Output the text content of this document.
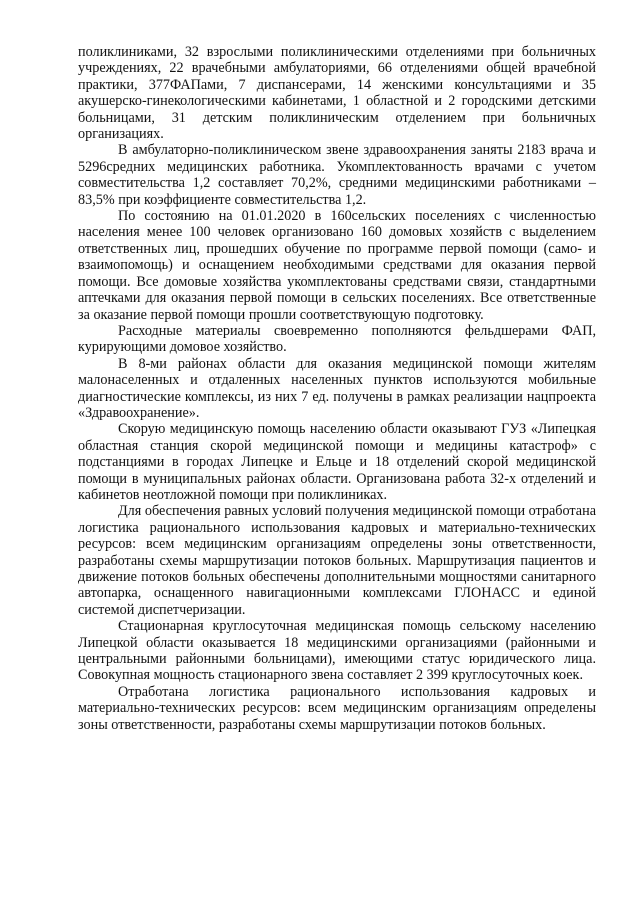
поликлиниками, 32 взрослыми поликлиническими отделениями при больничных учреждениях, 22 врачебными амбулаториями, 66 отделениями общей врачебной практики, 377ФАПами, 7 диспансерами, 14 женскими консультациями и 35 акушерско-гинекологическими кабинетами, 1 областной и 2 городскими детскими больницами, 31 детским поликлиническим отделением при больничных организациях.

В амбулаторно-поликлиническом звене здравоохранения заняты 2183 врача и 5296средних медицинских работника. Укомплектованность врачами с учетом совместительства 1,2 составляет 70,2%, средними медицинскими работниками – 83,5% при коэффициенте совместительства 1,2.

По состоянию на 01.01.2020 в 160сельских поселениях с численностью населения менее 100 человек организовано 160 домовых хозяйств с выделением ответственных лиц, прошедших обучение по программе первой помощи (само- и взаимопомощь) и оснащением необходимыми средствами для оказания первой помощи. Все домовые хозяйства укомплектованы средствами связи, стандартными аптечками для оказания первой помощи в сельских поселениях. Все ответственные за оказание первой помощи прошли соответствующую подготовку.

Расходные материалы своевременно пополняются фельдшерами ФАП, курирующими домовое хозяйство.

В 8-ми районах области для оказания медицинской помощи жителям малонаселенных и отдаленных населенных пунктов используются мобильные диагностические комплексы, из них 7 ед. получены в рамках реализации нацпроекта «Здравоохранение».

Скорую медицинскую помощь населению области оказывают ГУЗ «Липецкая областная станция скорой медицинской помощи и медицины катастроф» с подстанциями в городах Липецке и Ельце и 18 отделений скорой медицинской помощи в муниципальных районах области. Организована работа 32-х отделений и кабинетов неотложной помощи при поликлиниках.

Для обеспечения равных условий получения медицинской помощи отработана логистика рационального использования кадровых и материально-технических ресурсов: всем медицинским организациям определены зоны ответственности, разработаны схемы маршрутизации потоков больных. Маршрутизация пациентов и движение потоков больных обеспечены дополнительными мощностями санитарного автопарка, оснащенного навигационными комплексами ГЛОНАСС и единой системой диспетчеризации.

Стационарная круглосуточная медицинская помощь сельскому населению Липецкой области оказывается 18 медицинскими организациями (районными и центральными районными больницами), имеющими статус юридического лица. Совокупная мощность стационарного звена составляет 2 399 круглосуточных коек.

Отработана логистика рационального использования кадровых и материально-технических ресурсов: всем медицинским организациям определены зоны ответственности, разработаны схемы маршрутизации потоков больных.
